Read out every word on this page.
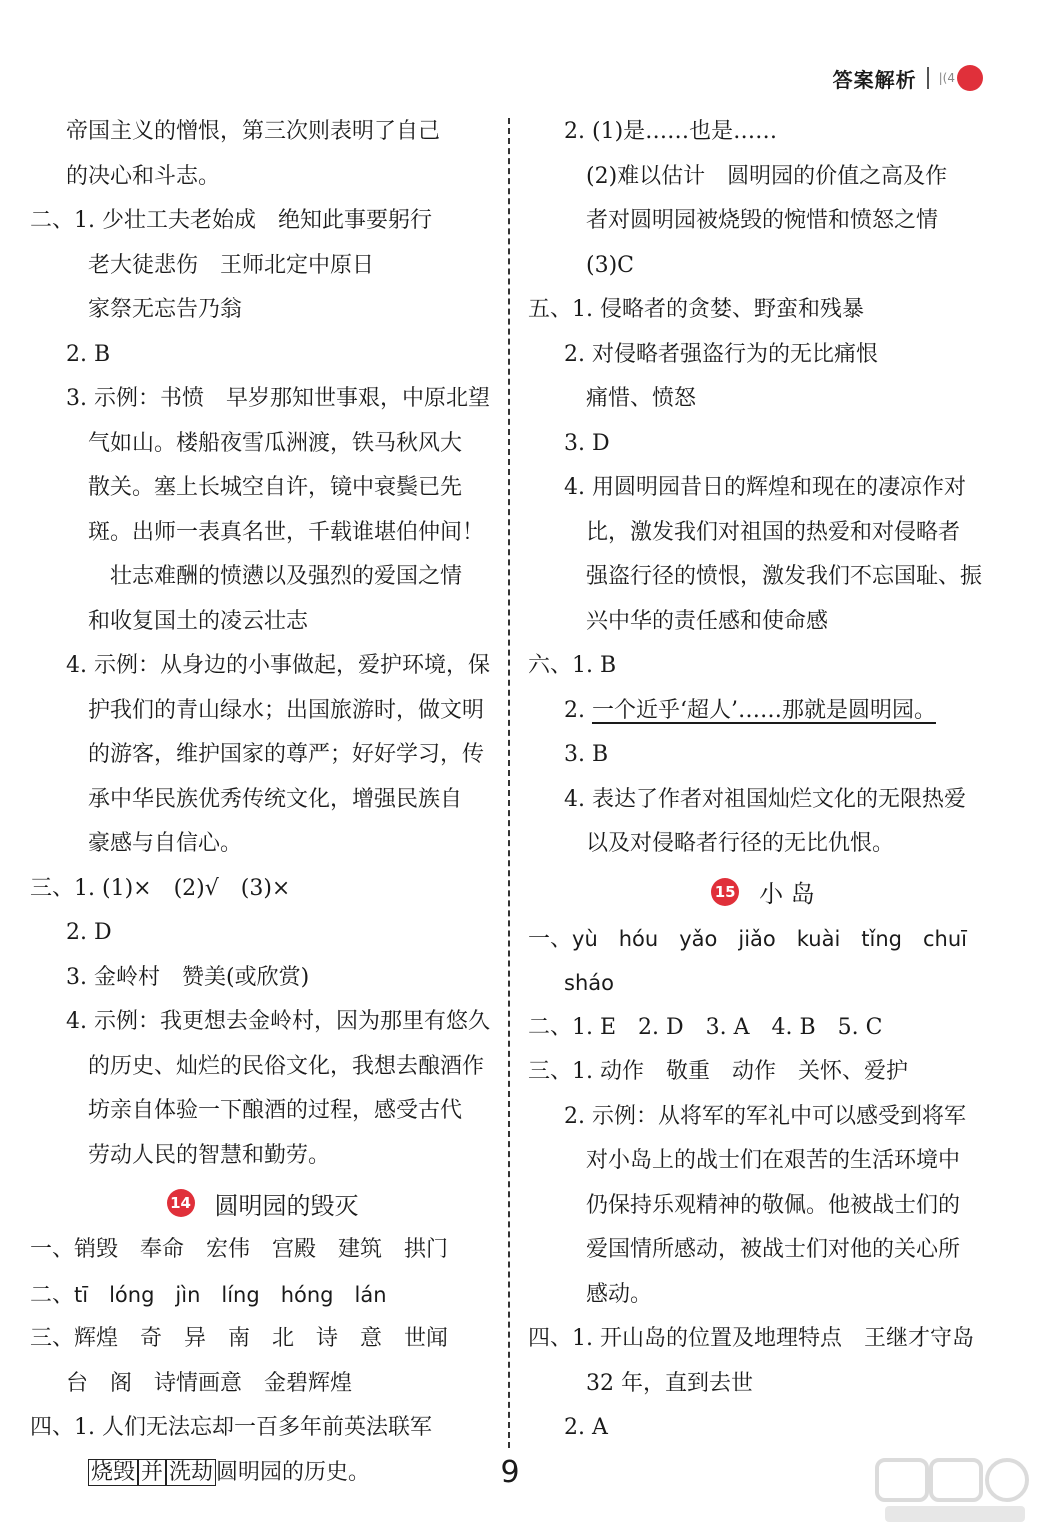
答案解析 |(4
帝国主义的憎恨，第三次则表明了自己
的决心和斗志。
二、1. 少壮工夫老始成　绝知此事要躬行
老大徒悲伤　王师北定中原日
家祭无忘告乃翁
2. B
3. 示例：书愤　早岁那知世事艰，中原北望
气如山。楼船夜雪瓜洲渡，铁马秋风大
散关。塞上长城空自许，镜中衰鬓已先
斑。出师一表真名世，千载谁堪伯仲间！
壮志难酬的愤懑以及强烈的爱国之情
和收复国土的凌云壮志
4. 示例：从身边的小事做起，爱护环境，保
护我们的青山绿水；出国旅游时，做文明
的游客，维护国家的尊严；好好学习，传
承中华民族优秀传统文化，增强民族自
豪感与自信心。
三、1. (1)×　(2)√　(3)×
2. D
3. 金岭村　赞美(或欣赏)
4. 示例：我更想去金岭村，因为那里有悠久
的历史、灿烂的民俗文化，我想去酿酒作
坊亲自体验一下酿酒的过程，感受古代
劳动人民的智慧和勤劳。
14 圆明园的毁灭
一、销毁　奉命　宏伟　宫殿　建筑　拱门
二、tī　lóng　jìn　líng　hóng　lán
三、辉煌　奇　异　南　北　诗　意　世闻
台　阁　诗情画意　金碧辉煌
四、1. 人们无法忘却一百多年前英法联军
烧毁 并 洗劫 圆明园的历史。
2. (1)是……也是……
(2)难以估计　圆明园的价值之高及作
者对圆明园被烧毁的惋惜和愤怒之情
(3)C
五、1. 侵略者的贪婪、野蛮和残暴
2. 对侵略者强盗行为的无比痛恨
痛惜、愤怒
3. D
4. 用圆明园昔日的辉煌和现在的凄凉作对
比，激发我们对祖国的热爱和对侵略者
强盗行径的愤恨，激发我们不忘国耻、振
兴中华的责任感和使命感
六、1. B
2. 一个近乎‘超人’……那就是圆明园。
3. B
4. 表达了作者对祖国灿烂文化的无限热爱
以及对侵略者行径的无比仇恨。
15 小 岛
一、yù　hóu　yǎo　jiǎo　kuài　tǐng　chuī
sháo
二、1. E　2. D　3. A　4. B　5. C
三、1. 动作　敬重　动作　关怀、爱护
2. 示例：从将军的军礼中可以感受到将军
对小岛上的战士们在艰苦的生活环境中
仍保持乐观精神的敬佩。他被战士们的
爱国情所感动，被战士们对他的关心所
感动。
四、1. 开山岛的位置及地理特点　王继才守岛
32 年，直到去世
2. A
9
